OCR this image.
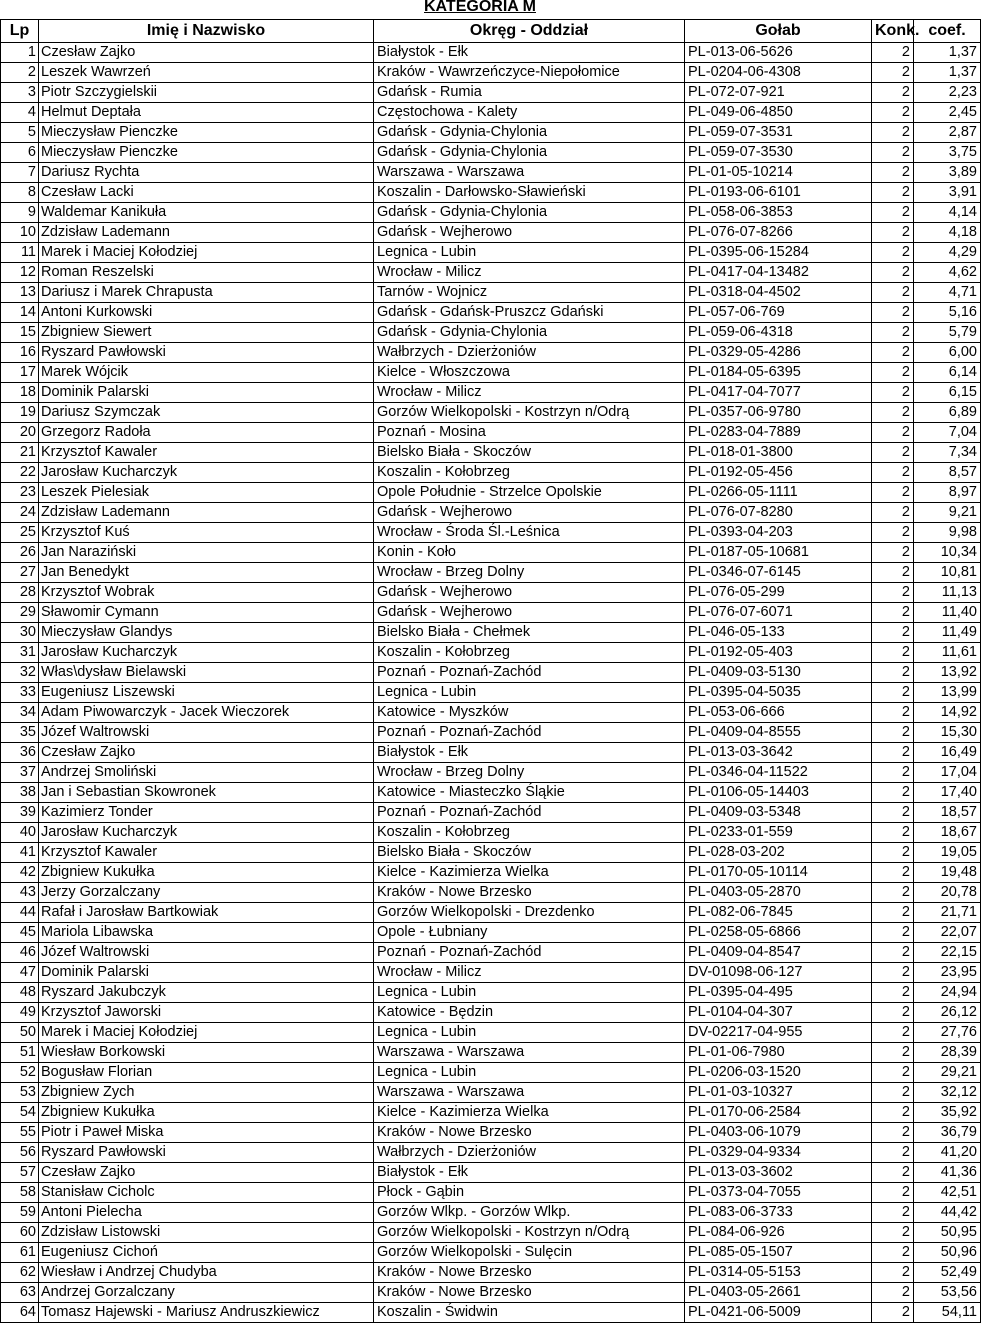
KATEGORIA M
Lp	Imię i Nazwisko	Okręg - Oddział	Gołab	Konk.	coef.
1	Czesław Zajko	Białystok - Ełk	PL-013-06-5626	2	1,37
2	Leszek Wawrzeń	Kraków - Wawrzeńczyce-Niepołomice	PL-0204-06-4308	2	1,37
3	Piotr Szczygielskii	Gdańsk - Rumia	PL-072-07-921	2	2,23
4	Helmut Deptała	Częstochowa - Kalety	PL-049-06-4850	2	2,45
5	Mieczysław Pienczke	Gdańsk - Gdynia-Chylonia	PL-059-07-3531	2	2,87
6	Mieczysław Pienczke	Gdańsk - Gdynia-Chylonia	PL-059-07-3530	2	3,75
7	Dariusz Rychta	Warszawa - Warszawa	PL-01-05-10214	2	3,89
8	Czesław Lacki	Koszalin - Darłowsko-Sławieński	PL-0193-06-6101	2	3,91
9	Waldemar Kanikuła	Gdańsk - Gdynia-Chylonia	PL-058-06-3853	2	4,14
10	Zdzisław Lademann	Gdańsk - Wejherowo	PL-076-07-8266	2	4,18
11	Marek i Maciej Kołodziej	Legnica - Lubin	PL-0395-06-15284	2	4,29
12	Roman Reszelski	Wrocław - Milicz	PL-0417-04-13482	2	4,62
13	Dariusz i Marek Chrapusta	Tarnów - Wojnicz	PL-0318-04-4502	2	4,71
14	Antoni Kurkowski	Gdańsk - Gdańsk-Pruszcz Gdański	PL-057-06-769	2	5,16
15	Zbigniew Siewert	Gdańsk - Gdynia-Chylonia	PL-059-06-4318	2	5,79
16	Ryszard Pawłowski	Wałbrzych - Dzierżoniów	PL-0329-05-4286	2	6,00
17	Marek Wójcik	Kielce - Włoszczowa	PL-0184-05-6395	2	6,14
18	Dominik Palarski	Wrocław - Milicz	PL-0417-04-7077	2	6,15
19	Dariusz Szymczak	Gorzów Wielkopolski - Kostrzyn n/Odrą	PL-0357-06-9780	2	6,89
20	Grzegorz Radoła	Poznań - Mosina	PL-0283-04-7889	2	7,04
21	Krzysztof Kawaler	Bielsko Biała - Skoczów	PL-018-01-3800	2	7,34
22	Jarosław Kucharczyk	Koszalin - Kołobrzeg	PL-0192-05-456	2	8,57
23	Leszek Pielesiak	Opole Południe - Strzelce Opolskie	PL-0266-05-1111	2	8,97
24	Zdzisław Lademann	Gdańsk - Wejherowo	PL-076-07-8280	2	9,21
25	Krzysztof Kuś	Wrocław - Środa Śl.-Leśnica	PL-0393-04-203	2	9,98
26	Jan Naraziński	Konin - Koło	PL-0187-05-10681	2	10,34
27	Jan Benedykt	Wrocław - Brzeg Dolny	PL-0346-07-6145	2	10,81
28	Krzysztof Wobrak	Gdańsk - Wejherowo	PL-076-05-299	2	11,13
29	Sławomir Cymann	Gdańsk - Wejherowo	PL-076-07-6071	2	11,40
30	Mieczysław Glandys	Bielsko Biała - Chełmek	PL-046-05-133	2	11,49
31	Jarosław Kucharczyk	Koszalin - Kołobrzeg	PL-0192-05-403	2	11,61
32	Włas\dysław Bielawski	Poznań - Poznań-Zachód	PL-0409-03-5130	2	13,92
33	Eugeniusz Liszewski	Legnica - Lubin	PL-0395-04-5035	2	13,99
34	Adam Piwowarczyk - Jacek Wieczorek	Katowice - Myszków	PL-053-06-666	2	14,92
35	Józef Waltrowski	Poznań - Poznań-Zachód	PL-0409-04-8555	2	15,30
36	Czesław Zajko	Białystok - Ełk	PL-013-03-3642	2	16,49
37	Andrzej Smoliński	Wrocław - Brzeg Dolny	PL-0346-04-11522	2	17,04
38	Jan i Sebastian Skowronek	Katowice - Miasteczko Śląkie	PL-0106-05-14403	2	17,40
39	Kazimierz Tonder	Poznań - Poznań-Zachód	PL-0409-03-5348	2	18,57
40	Jarosław Kucharczyk	Koszalin - Kołobrzeg	PL-0233-01-559	2	18,67
41	Krzysztof Kawaler	Bielsko Biała - Skoczów	PL-028-03-202	2	19,05
42	Zbigniew Kukułka	Kielce - Kazimierza Wielka	PL-0170-05-10114	2	19,48
43	Jerzy Gorzalczany	Kraków - Nowe Brzesko	PL-0403-05-2870	2	20,78
44	Rafał i Jarosław Bartkowiak	Gorzów Wielkopolski - Drezdenko	PL-082-06-7845	2	21,71
45	Mariola Libawska	Opole - Łubniany	PL-0258-05-6866	2	22,07
46	Józef Waltrowski	Poznań - Poznań-Zachód	PL-0409-04-8547	2	22,15
47	Dominik Palarski	Wrocław - Milicz	DV-01098-06-127	2	23,95
48	Ryszard Jakubczyk	Legnica - Lubin	PL-0395-04-495	2	24,94
49	Krzysztof Jaworski	Katowice - Będzin	PL-0104-04-307	2	26,12
50	Marek i Maciej Kołodziej	Legnica - Lubin	DV-02217-04-955	2	27,76
51	Wiesław Borkowski	Warszawa - Warszawa	PL-01-06-7980	2	28,39
52	Bogusław Florian	Legnica - Lubin	PL-0206-03-1520	2	29,21
53	Zbigniew Zych	Warszawa - Warszawa	PL-01-03-10327	2	32,12
54	Zbigniew Kukułka	Kielce - Kazimierza Wielka	PL-0170-06-2584	2	35,92
55	Piotr i Paweł Miska	Kraków - Nowe Brzesko	PL-0403-06-1079	2	36,79
56	Ryszard Pawłowski	Wałbrzych - Dzierżoniów	PL-0329-04-9334	2	41,20
57	Czesław Zajko	Białystok - Ełk	PL-013-03-3602	2	41,36
58	Stanisław Cicholc	Płock - Gąbin	PL-0373-04-7055	2	42,51
59	Antoni Pielecha	Gorzów Wlkp. - Gorzów Wlkp.	PL-083-06-3733	2	44,42
60	Zdzisław Listowski	Gorzów Wielkopolski - Kostrzyn n/Odrą	PL-084-06-926	2	50,95
61	Eugeniusz Cichoń	Gorzów Wielkopolski - Sulęcin	PL-085-05-1507	2	50,96
62	Wiesław i Andrzej Chudyba	Kraków - Nowe Brzesko	PL-0314-05-5153	2	52,49
63	Andrzej Gorzalczany	Kraków - Nowe Brzesko	PL-0403-05-2661	2	53,56
64	Tomasz Hajewski - Mariusz Andruszkiewicz	Koszalin - Świdwin	PL-0421-06-5009	2	54,11
